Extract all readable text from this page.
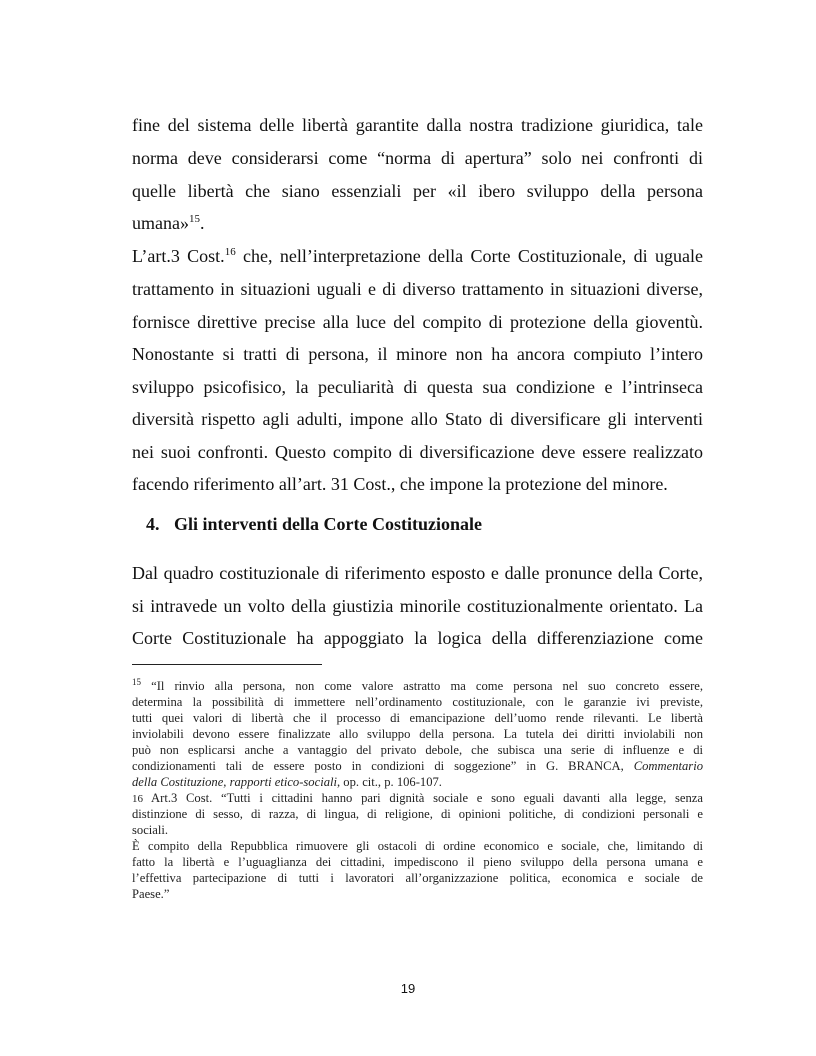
fine del sistema delle libertà garantite dalla nostra tradizione giuridica, tale
norma deve considerarsi come “norma di apertura” solo nei confronti di
quelle libertà che siano essenziali per «il ibero sviluppo della persona
umana»$^{15}$.
L’art.3 Cost.$^{16}$ che, nell’interpretazione della Corte Costituzionale, di uguale
trattamento in situazioni uguali e di diverso trattamento in situazioni diverse,
fornisce direttive precise alla luce del compito di protezione della gioventù.
Nonostante si tratti di persona, il minore non ha ancora compiuto l’intero
sviluppo psicofisico, la peculiarità di questa sua condizione e l’intrinseca
diversità rispetto agli adulti, impone allo Stato di diversificare gli interventi
nei suoi confronti. Questo compito di diversificazione deve essere realizzato
facendo riferimento all’art. 31 Cost., che impone la protezione del minore.
4. Gli interventi della Corte Costituzionale
Dal quadro costituzionale di riferimento esposto e dalle pronunce della Corte,
si intravede un volto della giustizia minorile costituzionalmente orientato. La
Corte Costituzionale ha appoggiato la logica della differenziazione come
$^{15}$ “Il rinvio alla persona, non come valore astratto ma come persona nel suo concreto essere,
determina la possibilità di immettere nell’ordinamento costituzionale, con le garanzie ivi previste,
tutti quei valori di libertà che il processo di emancipazione dell’uomo rende rilevanti. Le libertà
inviolabili devono essere finalizzate allo sviluppo della persona. La tutela dei diritti inviolabili non
può non esplicarsi anche a vantaggio del privato debole, che subisca una serie di influenze e di
condizionamenti tali de essere posto in condizioni di soggezione” in G. BRANCA, Commentario
della Costituzione, rapporti etico-sociali, op. cit., p. 106-107.
16 Art.3 Cost. “Tutti i cittadini hanno pari dignità sociale e sono eguali davanti alla legge, senza
distinzione di sesso, di razza, di lingua, di religione, di opinioni politiche, di condizioni personali e
sociali.
È compito della Repubblica rimuovere gli ostacoli di ordine economico e sociale, che, limitando di
fatto la libertà e l’uguaglianza dei cittadini, impediscono il pieno sviluppo della persona umana e
l’effettiva partecipazione di tutti i lavoratori all’organizzazione politica, economica e sociale de
Paese.”
19
